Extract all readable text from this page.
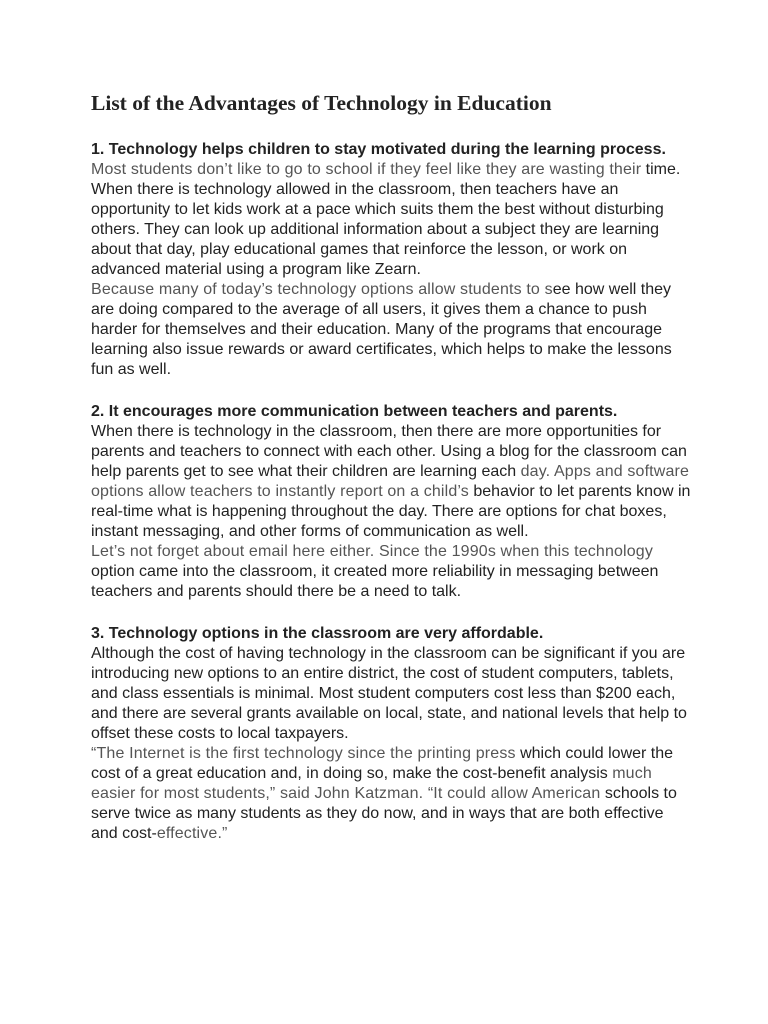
List of the Advantages of Technology in Education
1. Technology helps children to stay motivated during the learning process.

Most students don’t like to go to school if they feel like they are wasting their time. When there is technology allowed in the classroom, then teachers have an opportunity to let kids work at a pace which suits them the best without disturbing others. They can look up additional information about a subject they are learning about that day, play educational games that reinforce the lesson, or work on advanced material using a program like Zearn.

Because many of today’s technology options allow students to see how well they are doing compared to the average of all users, it gives them a chance to push harder for themselves and their education. Many of the programs that encourage learning also issue rewards or award certificates, which helps to make the lessons fun as well.

2. It encourages more communication between teachers and parents.

When there is technology in the classroom, then there are more opportunities for parents and teachers to connect with each other. Using a blog for the classroom can help parents get to see what their children are learning each day. Apps and software options allow teachers to instantly report on a child’s behavior to let parents know in real-time what is happening throughout the day. There are options for chat boxes, instant messaging, and other forms of communication as well.

Let’s not forget about email here either. Since the 1990s when this technology option came into the classroom, it created more reliability in messaging between teachers and parents should there be a need to talk.

3. Technology options in the classroom are very affordable.

Although the cost of having technology in the classroom can be significant if you are introducing new options to an entire district, the cost of student computers, tablets, and class essentials is minimal. Most student computers cost less than $200 each, and there are several grants available on local, state, and national levels that help to offset these costs to local taxpayers.

“The Internet is the first technology since the printing press which could lower the cost of a great education and, in doing so, make the cost-benefit analysis much easier for most students,” said John Katzman. “It could allow American schools to serve twice as many students as they do now, and in ways that are both effective and cost-effective.”
